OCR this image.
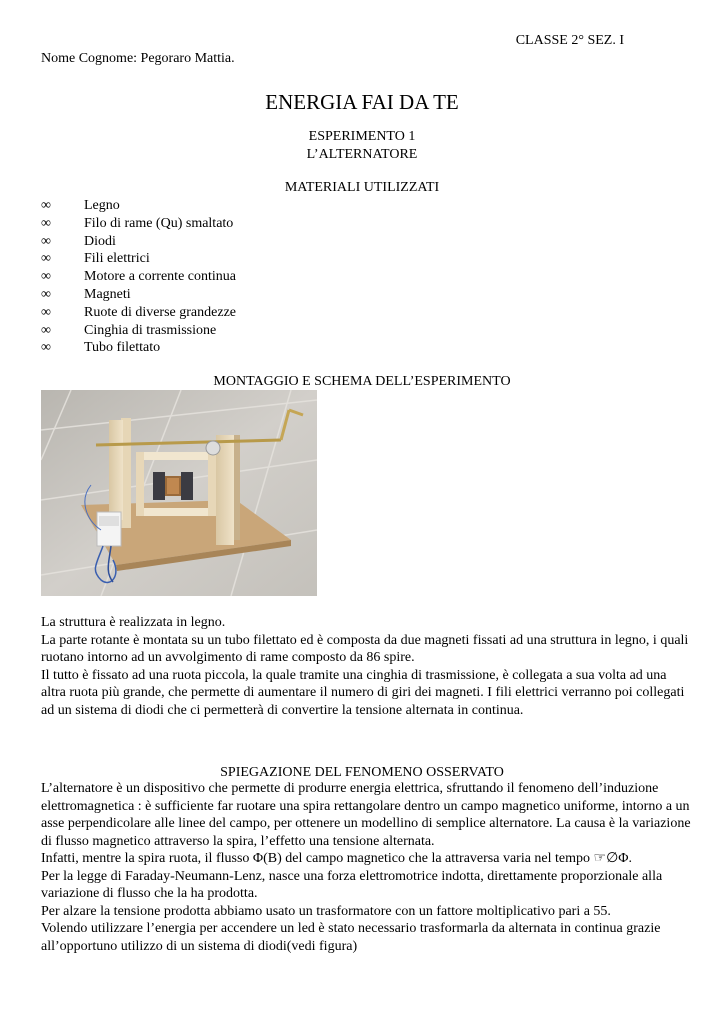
CLASSE 2° SEZ. I
Nome Cognome: Pegoraro Mattia.
ENERGIA FAI DA TE
ESPERIMENTO 1
L’ALTERNATORE
MATERIALI UTILIZZATI
∞ Legno
∞ Filo di rame (Qu) smaltato
∞ Diodi
∞ Fili elettrici
∞ Motore a corrente continua
∞ Magneti
∞ Ruote di diverse grandezze
∞ Cinghia di trasmissione
∞ Tubo filettato
MONTAGGIO E SCHEMA DELL’ESPERIMENTO

La struttura è realizzata in legno.

La parte rotante è montata su un tubo filettato ed è composta da due magneti fissati ad una struttura in legno, i quali ruotano intorno ad un avvolgimento di rame composto da 86 spire.

Il tutto è fissato ad una ruota piccola, la quale tramite una cinghia di trasmissione, è collegata a sua volta ad una altra ruota più grande, che permette di aumentare il numero di giri dei magneti. I fili elettrici verranno poi collegati ad un sistema di diodi che ci permetterà di convertire la tensione alternata in continua.

SPIEGAZIONE DEL FENOMENO OSSERVATO

L’alternatore è un dispositivo che permette di produrre energia elettrica, sfruttando il fenomeno dell’induzione elettromagnetica : è sufficiente far ruotare una spira rettangolare dentro un campo magnetico uniforme, intorno a un asse perpendicolare alle linee del campo, per ottenere un modellino di semplice alternatore. La causa è la variazione di flusso magnetico attraverso la spira, l’effetto una tensione alternata.

Infatti, mentre la spira ruota, il flusso Φ(B) del campo magnetico che la attraversa varia nel tempo ☞∅Φ.

Per la legge di Faraday-Neumann-Lenz, nasce una forza elettromotrice indotta, direttamente proporzionale alla variazione di flusso che la ha prodotta.

Per alzare la tensione prodotta abbiamo usato un trasformatore con un fattore moltiplicativo pari a 55.

Volendo utilizzare l’energia per accendere un led è stato necessario trasformarla da alternata in continua grazie all’opportuno utilizzo di un sistema di diodi(vedi figura)
